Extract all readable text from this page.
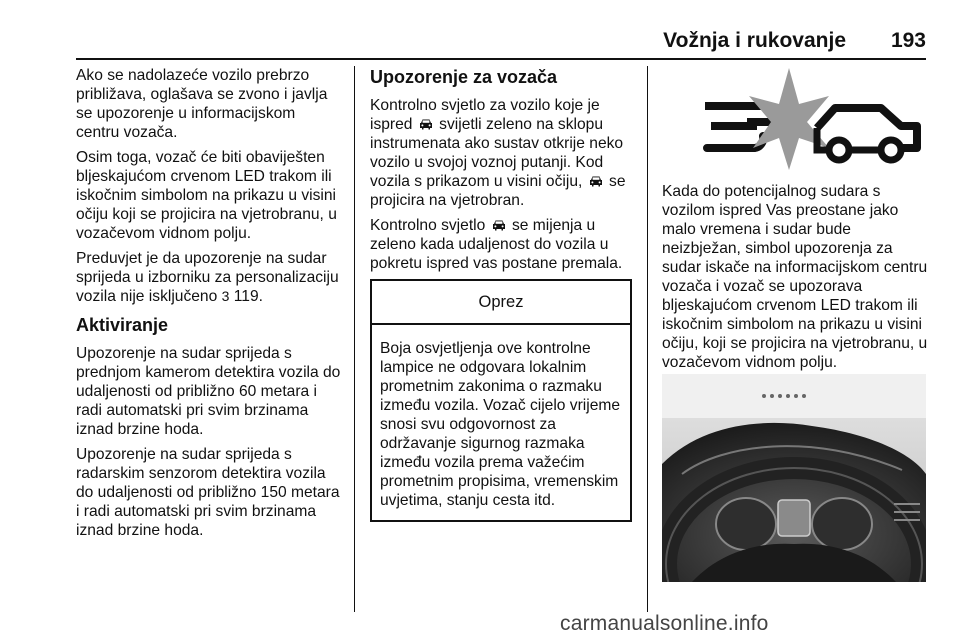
Vožnja i rukovanje 193

Ako se nadolazeće vozilo prebrzo približava, oglašava se zvono i javlja se upozorenje u informacijskom centru vozača.

Osim toga, vozač će biti obaviješten bljeskajućom crvenom LED trakom ili iskočnim simbolom na prikazu u visini očiju koji se projicira na vjetrobranu, u vozačevom vidnom polju.

Preduvjet je da upozorenje na sudar sprijeda u izborniku za personalizaciju vozila nije isključeno 3 119.

Aktiviranje

Upozorenje na sudar sprijeda s prednjom kamerom detektira vozila do udaljenosti od približno 60 metara i radi automatski pri svim brzinama iznad brzine hoda.

Upozorenje na sudar sprijeda s radarskim senzorom detektira vozila do udaljenosti od približno 150 metara i radi automatski pri svim brzinama iznad brzine hoda.

Upozorenje za vozača

Kontrolno svjetlo za vozilo koje je ispred svijetli zeleno na sklopu instrumenata ako sustav otkrije neko vozilo u svojoj voznoj putanji. Kod vozila s prikazom u visini očiju, se projicira na vjetrobran.

Kontrolno svjetlo se mijenja u zeleno kada udaljenost do vozila u pokretu ispred vas postane premala.

Oprez
Boja osvjetljenja ove kontrolne lampice ne odgovara lokalnim prometnim zakonima o razmaku između vozila. Vozač cijelo vrijeme snosi svu odgovornost za održavanje sigurnog razmaka između vozila prema važećim prometnim propisima, vremenskim uvjetima, stanju cesta itd.

Kada do potencijalnog sudara s vozilom ispred Vas preostane jako malo vremena i sudar bude neizbježan, simbol upozorenja za sudar iskače na informacijskom centru vozača i vozač se upozorava bljeskajućom crvenom LED trakom ili iskočnim simbolom na prikazu u visini očiju, koji se projicira na vjetrobranu, u vozačevom vidnom polju.

carmanualsonline.info
